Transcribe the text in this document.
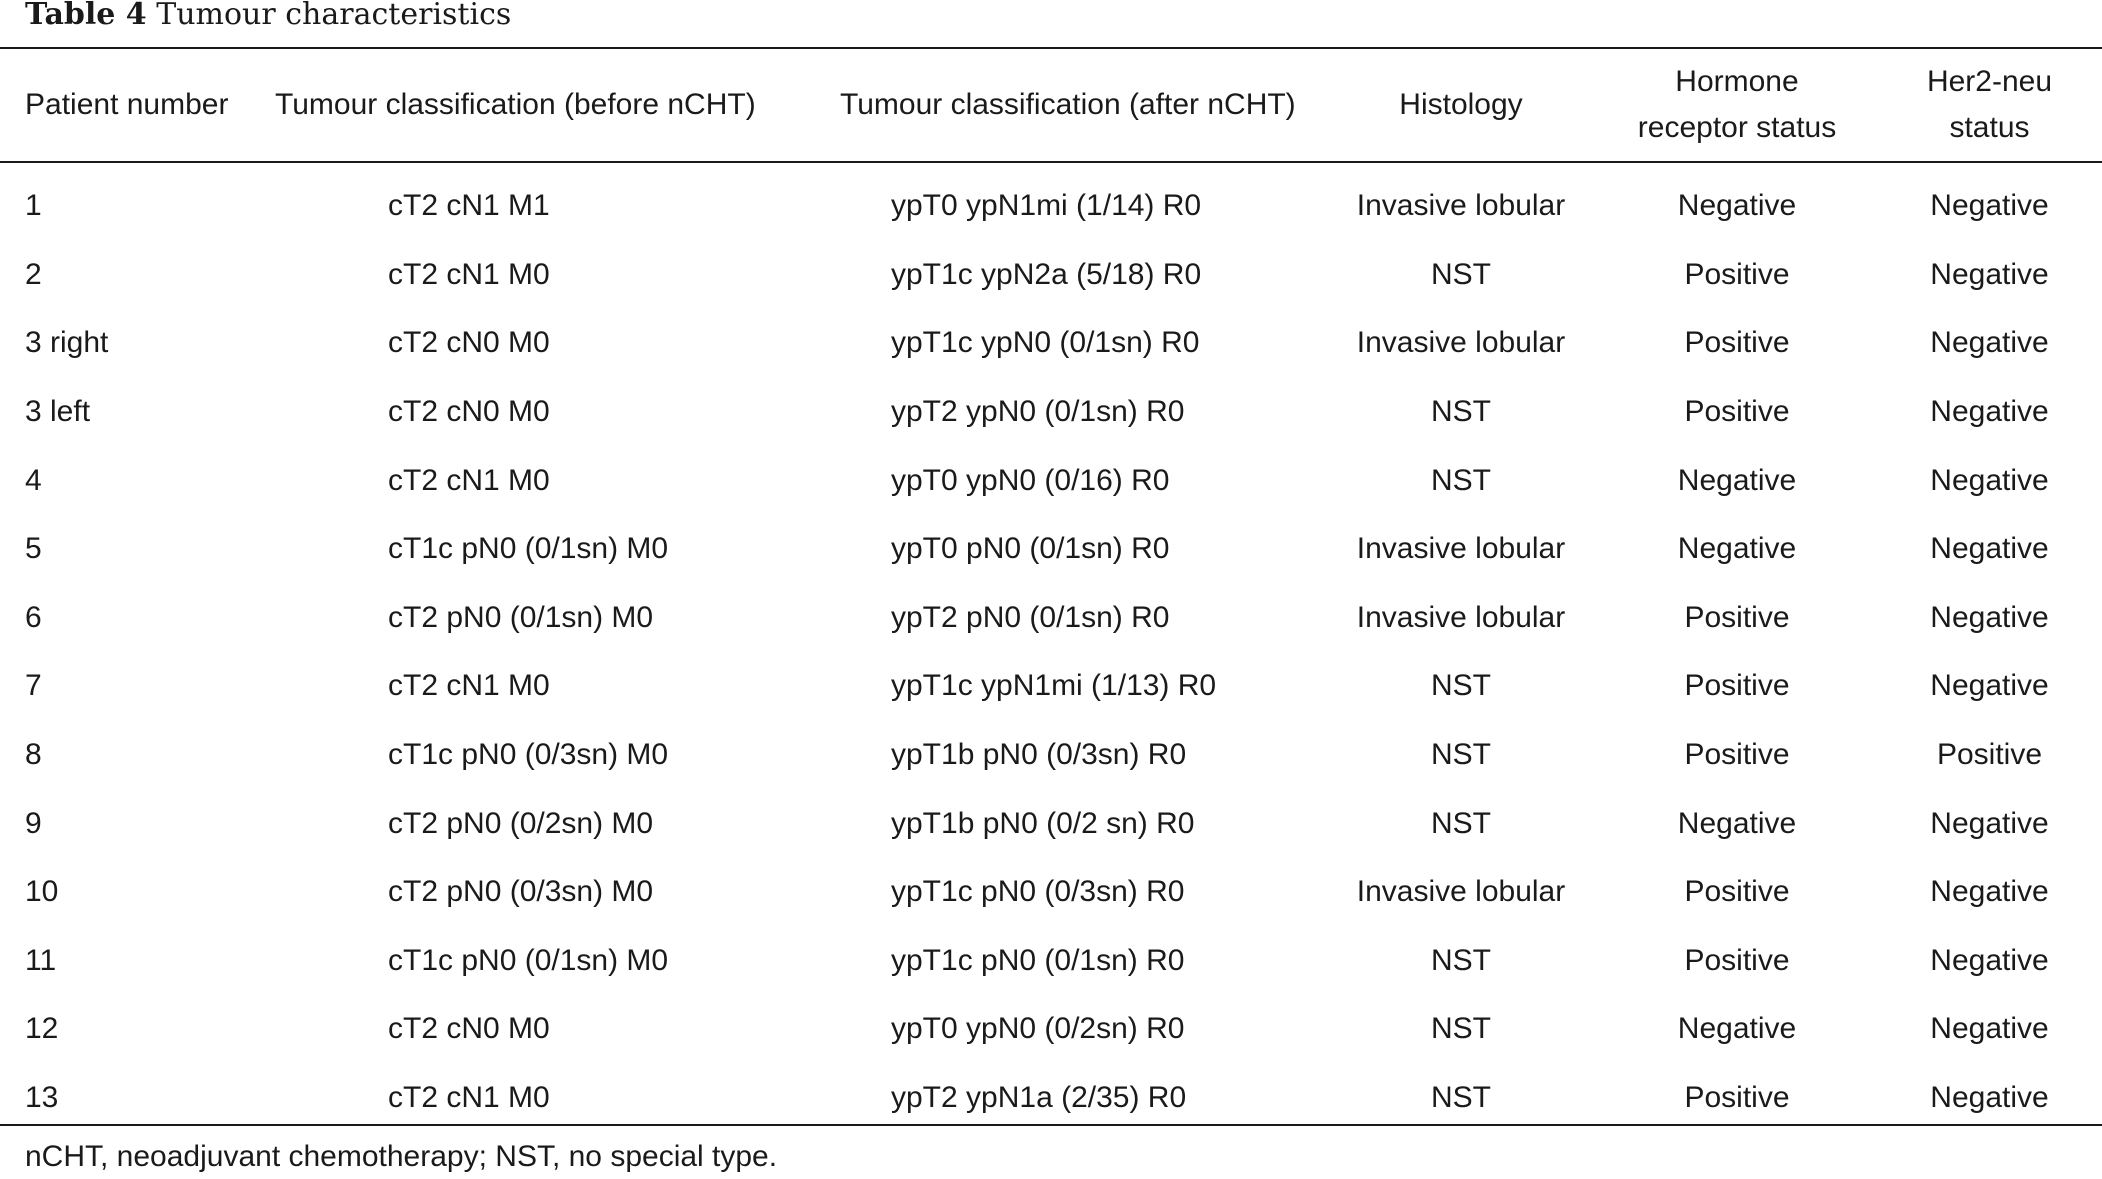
Table 4 Tumour characteristics
Patient number	Tumour classification (before nCHT)	Tumour classification (after nCHT)	Histology	Hormone receptor status	Her2-neu status

1	cT2 cN1 M1	ypT0 ypN1mi (1/14) R0	Invasive lobular	Negative	Negative
2	cT2 cN1 M0	ypT1c ypN2a (5/18) R0	NST	Positive	Negative
3 right	cT2 cN0 M0	ypT1c ypN0 (0/1sn) R0	Invasive lobular	Positive	Negative
3 left	cT2 cN0 M0	ypT2 ypN0 (0/1sn) R0	NST	Positive	Negative
4	cT2 cN1 M0	ypT0 ypN0 (0/16) R0	NST	Negative	Negative
5	cT1c pN0 (0/1sn) M0	ypT0 pN0 (0/1sn) R0	Invasive lobular	Negative	Negative
6	cT2 pN0 (0/1sn) M0	ypT2 pN0 (0/1sn) R0	Invasive lobular	Positive	Negative
7	cT2 cN1 M0	ypT1c ypN1mi (1/13) R0	NST	Positive	Negative
8	cT1c pN0 (0/3sn) M0	ypT1b pN0 (0/3sn) R0	NST	Positive	Positive
9	cT2 pN0 (0/2sn) M0	ypT1b pN0 (0/2 sn) R0	NST	Negative	Negative
10	cT2 pN0 (0/3sn) M0	ypT1c pN0 (0/3sn) R0	Invasive lobular	Positive	Negative
11	cT1c pN0 (0/1sn) M0	ypT1c pN0 (0/1sn) R0	NST	Positive	Negative
12	cT2 cN0 M0	ypT0 ypN0 (0/2sn) R0	NST	Negative	Negative
13	cT2 cN1 M0	ypT2 ypN1a (2/35) R0	NST	Positive	Negative
nCHT, neoadjuvant chemotherapy; NST, no special type.
